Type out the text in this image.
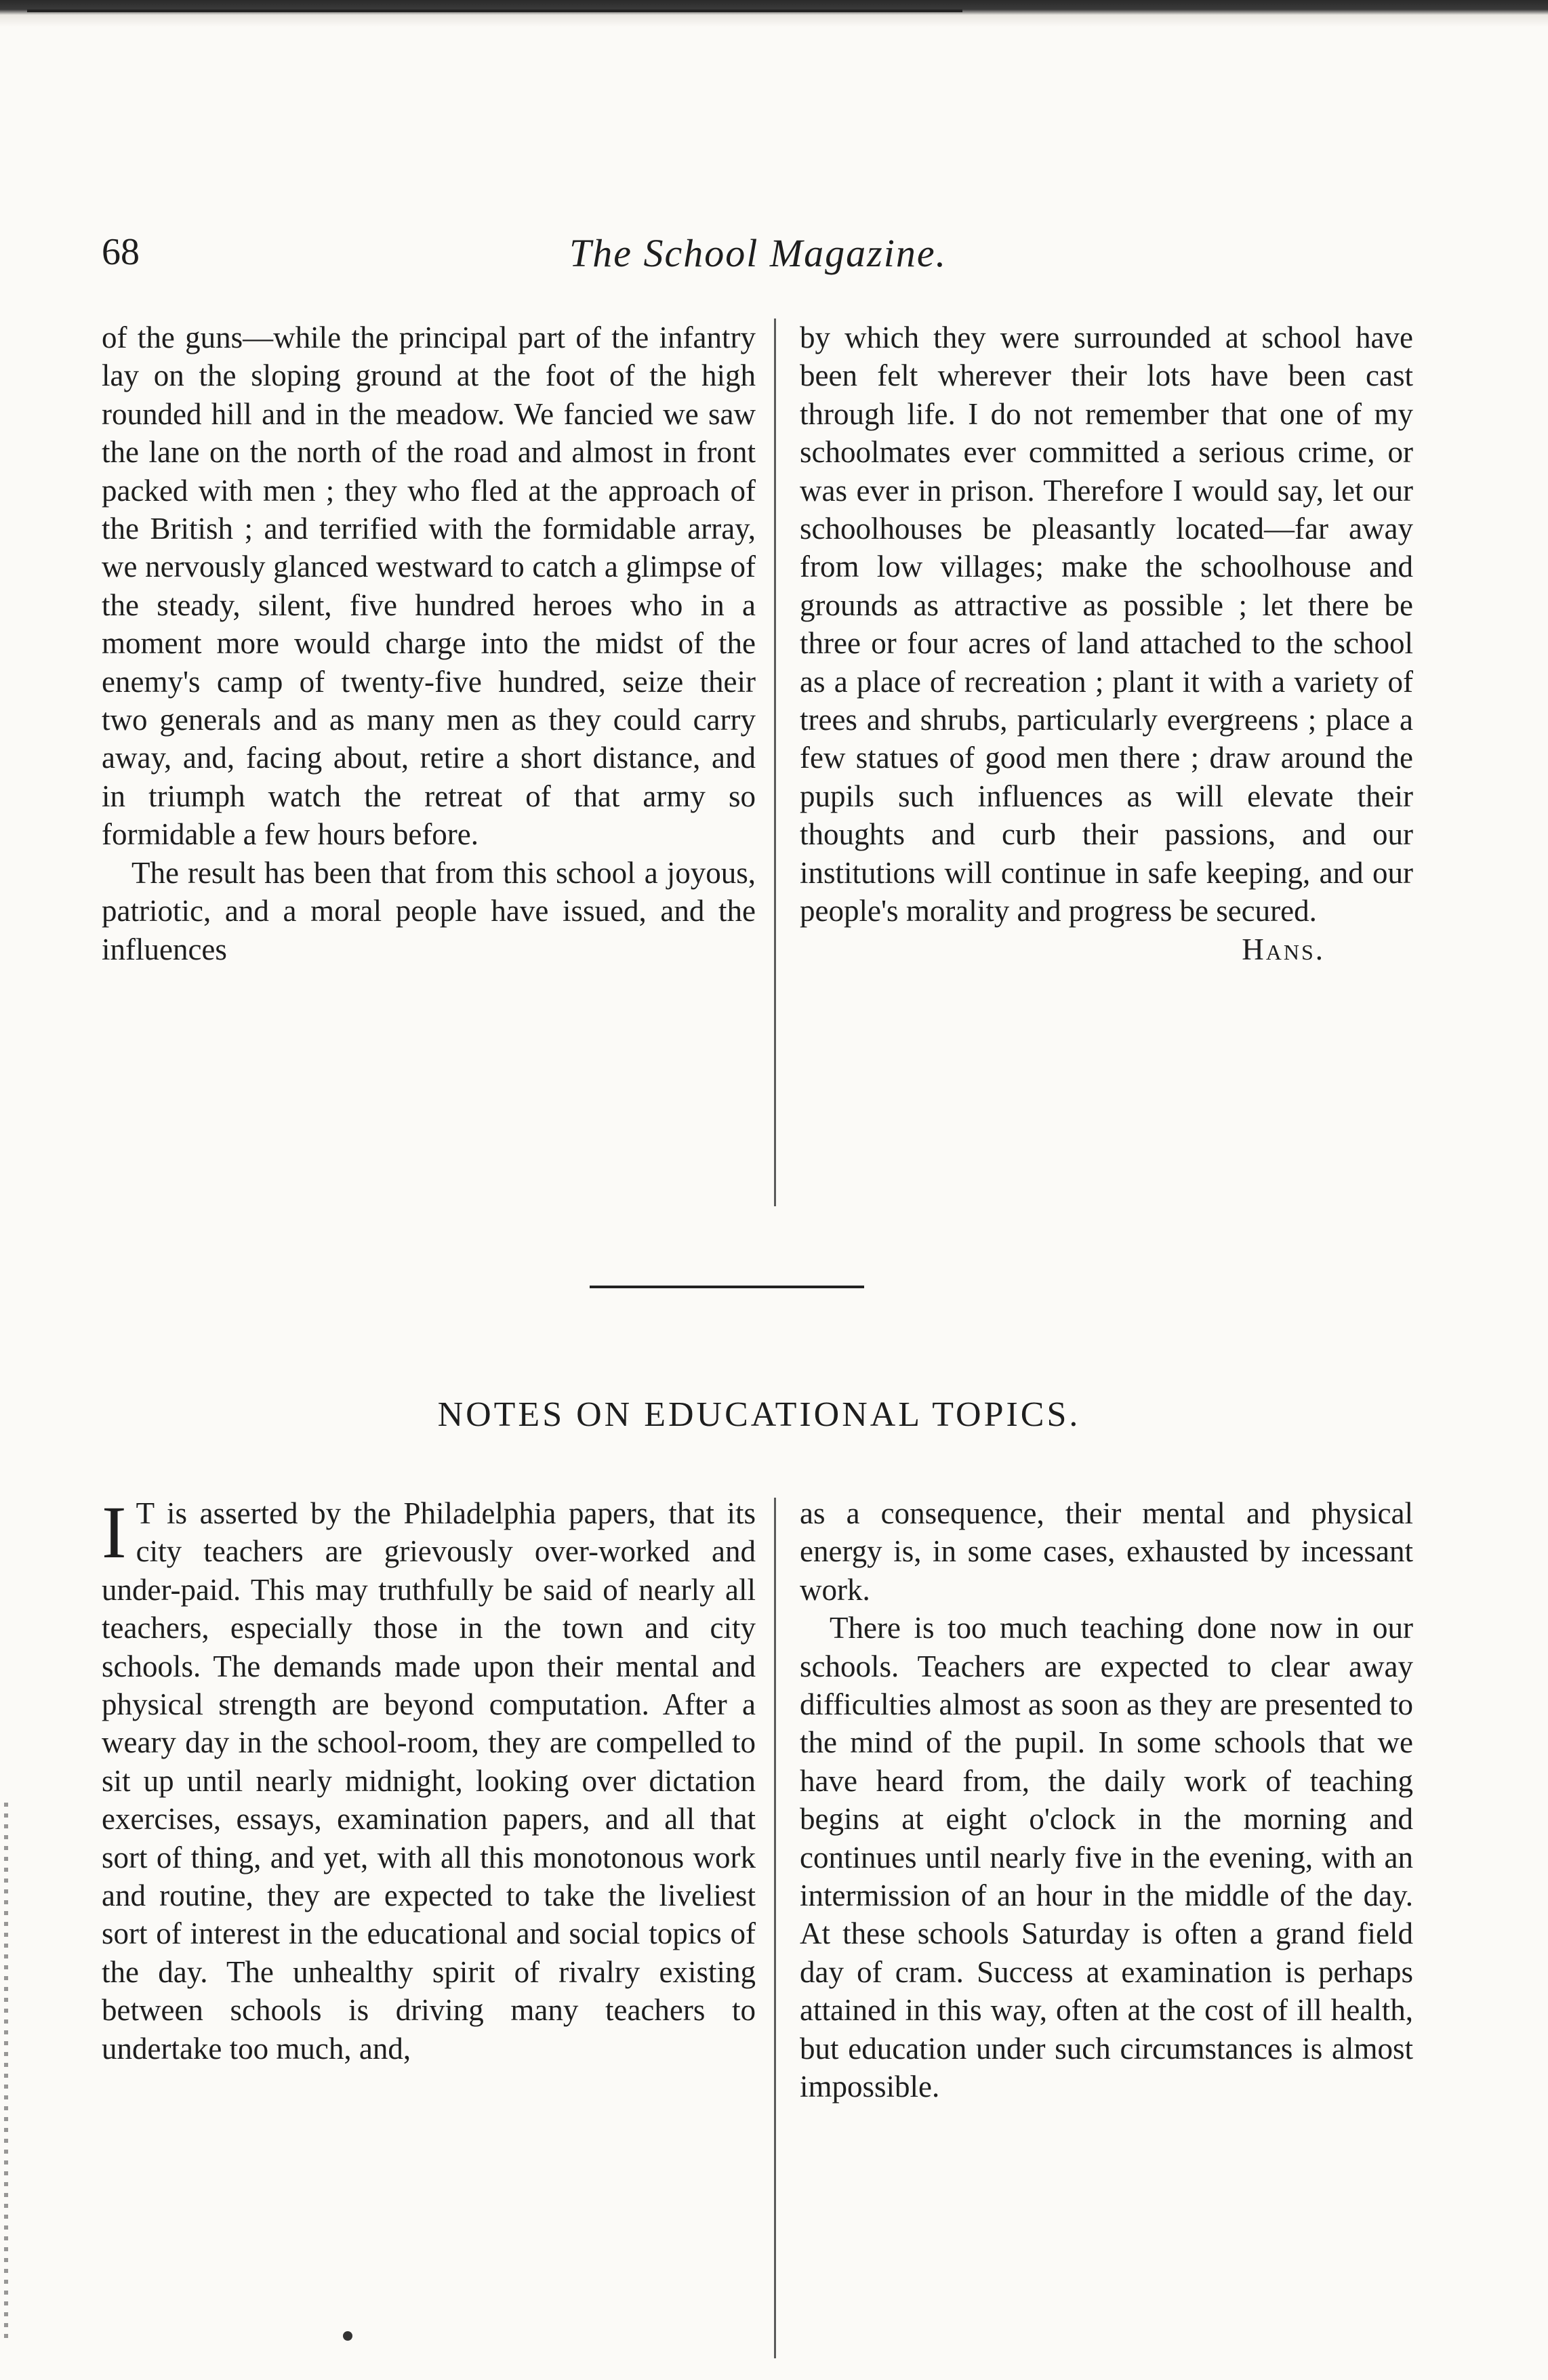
68	The School Magazine.

of the guns—while the principal part of the infantry lay on the sloping ground at the foot of the high rounded hill and in the meadow. We fancied we saw the lane on the north of the road and almost in front packed with men ; they who fled at the approach of the British ; and terrified with the formidable array, we nervously glanced westward to catch a glimpse of the steady, silent, five hundred heroes who in a moment more would charge into the midst of the enemy's camp of twenty-five hundred, seize their two generals and as many men as they could carry away, and, facing about, retire a short distance, and in triumph watch the retreat of that army so formidable a few hours before.

The result has been that from this school a joyous, patriotic, and a moral people have issued, and the influences

by which they were surrounded at school have been felt wherever their lots have been cast through life. I do not remember that one of my schoolmates ever committed a serious crime, or was ever in prison. Therefore I would say, let our schoolhouses be pleasantly located—far away from low villages; make the schoolhouse and grounds as attractive as possible ; let there be three or four acres of land attached to the school as a place of recreation ; plant it with a variety of trees and shrubs, particularly evergreens ; place a few statues of good men there ; draw around the pupils such influences as will elevate their thoughts and curb their passions, and our institutions will continue in safe keeping, and our people's morality and progress be secured.

Hans.

NOTES ON EDUCATIONAL TOPICS.

I T is asserted by the Philadelphia papers, that its city teachers are grievously over-worked and under-paid. This may truthfully be said of nearly all teachers, especially those in the town and city schools. The demands made upon their mental and physical strength are beyond computation. After a weary day in the school-room, they are compelled to sit up until nearly midnight, looking over dictation exercises, essays, examination papers, and all that sort of thing, and yet, with all this monotonous work and routine, they are expected to take the liveliest sort of interest in the educational and social topics of the day. The unhealthy spirit of rivalry existing between schools is driving many teachers to undertake too much, and,

as a consequence, their mental and physical energy is, in some cases, exhausted by incessant work.

There is too much teaching done now in our schools. Teachers are expected to clear away difficulties almost as soon as they are presented to the mind of the pupil. In some schools that we have heard from, the daily work of teaching begins at eight o'clock in the morning and continues until nearly five in the evening, with an intermission of an hour in the middle of the day. At these schools Saturday is often a grand field day of cram. Success at examination is perhaps attained in this way, often at the cost of ill health, but education under such circumstances is almost impossible.
